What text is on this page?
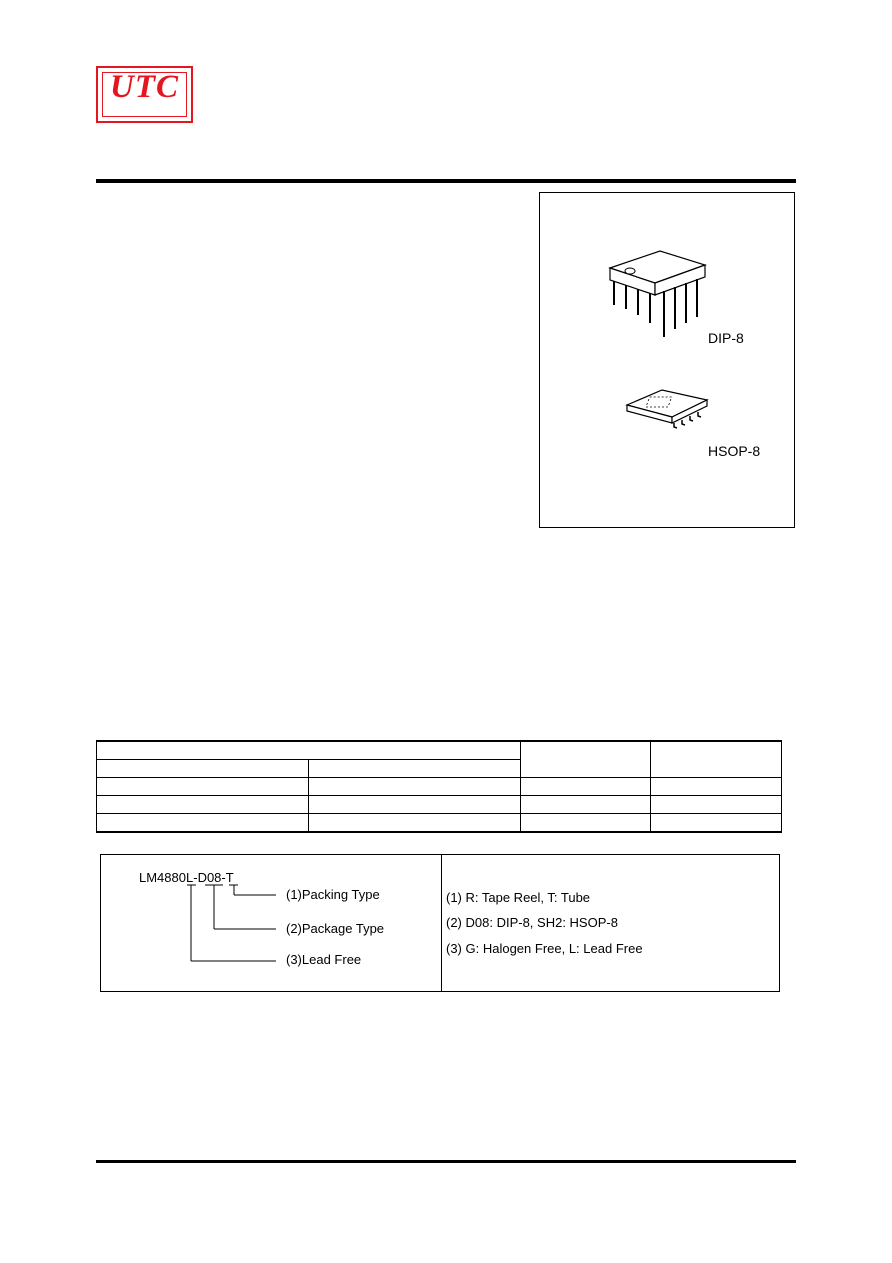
UTC
DIP-8
HSOP-8

LM4880L-D08-T
(1)Packing Type
(2)Package Type
(3)Lead Free
(1) R: Tape Reel, T: Tube
(2) D08: DIP-8, SH2: HSOP-8
(3) G: Halogen Free, L: Lead Free
